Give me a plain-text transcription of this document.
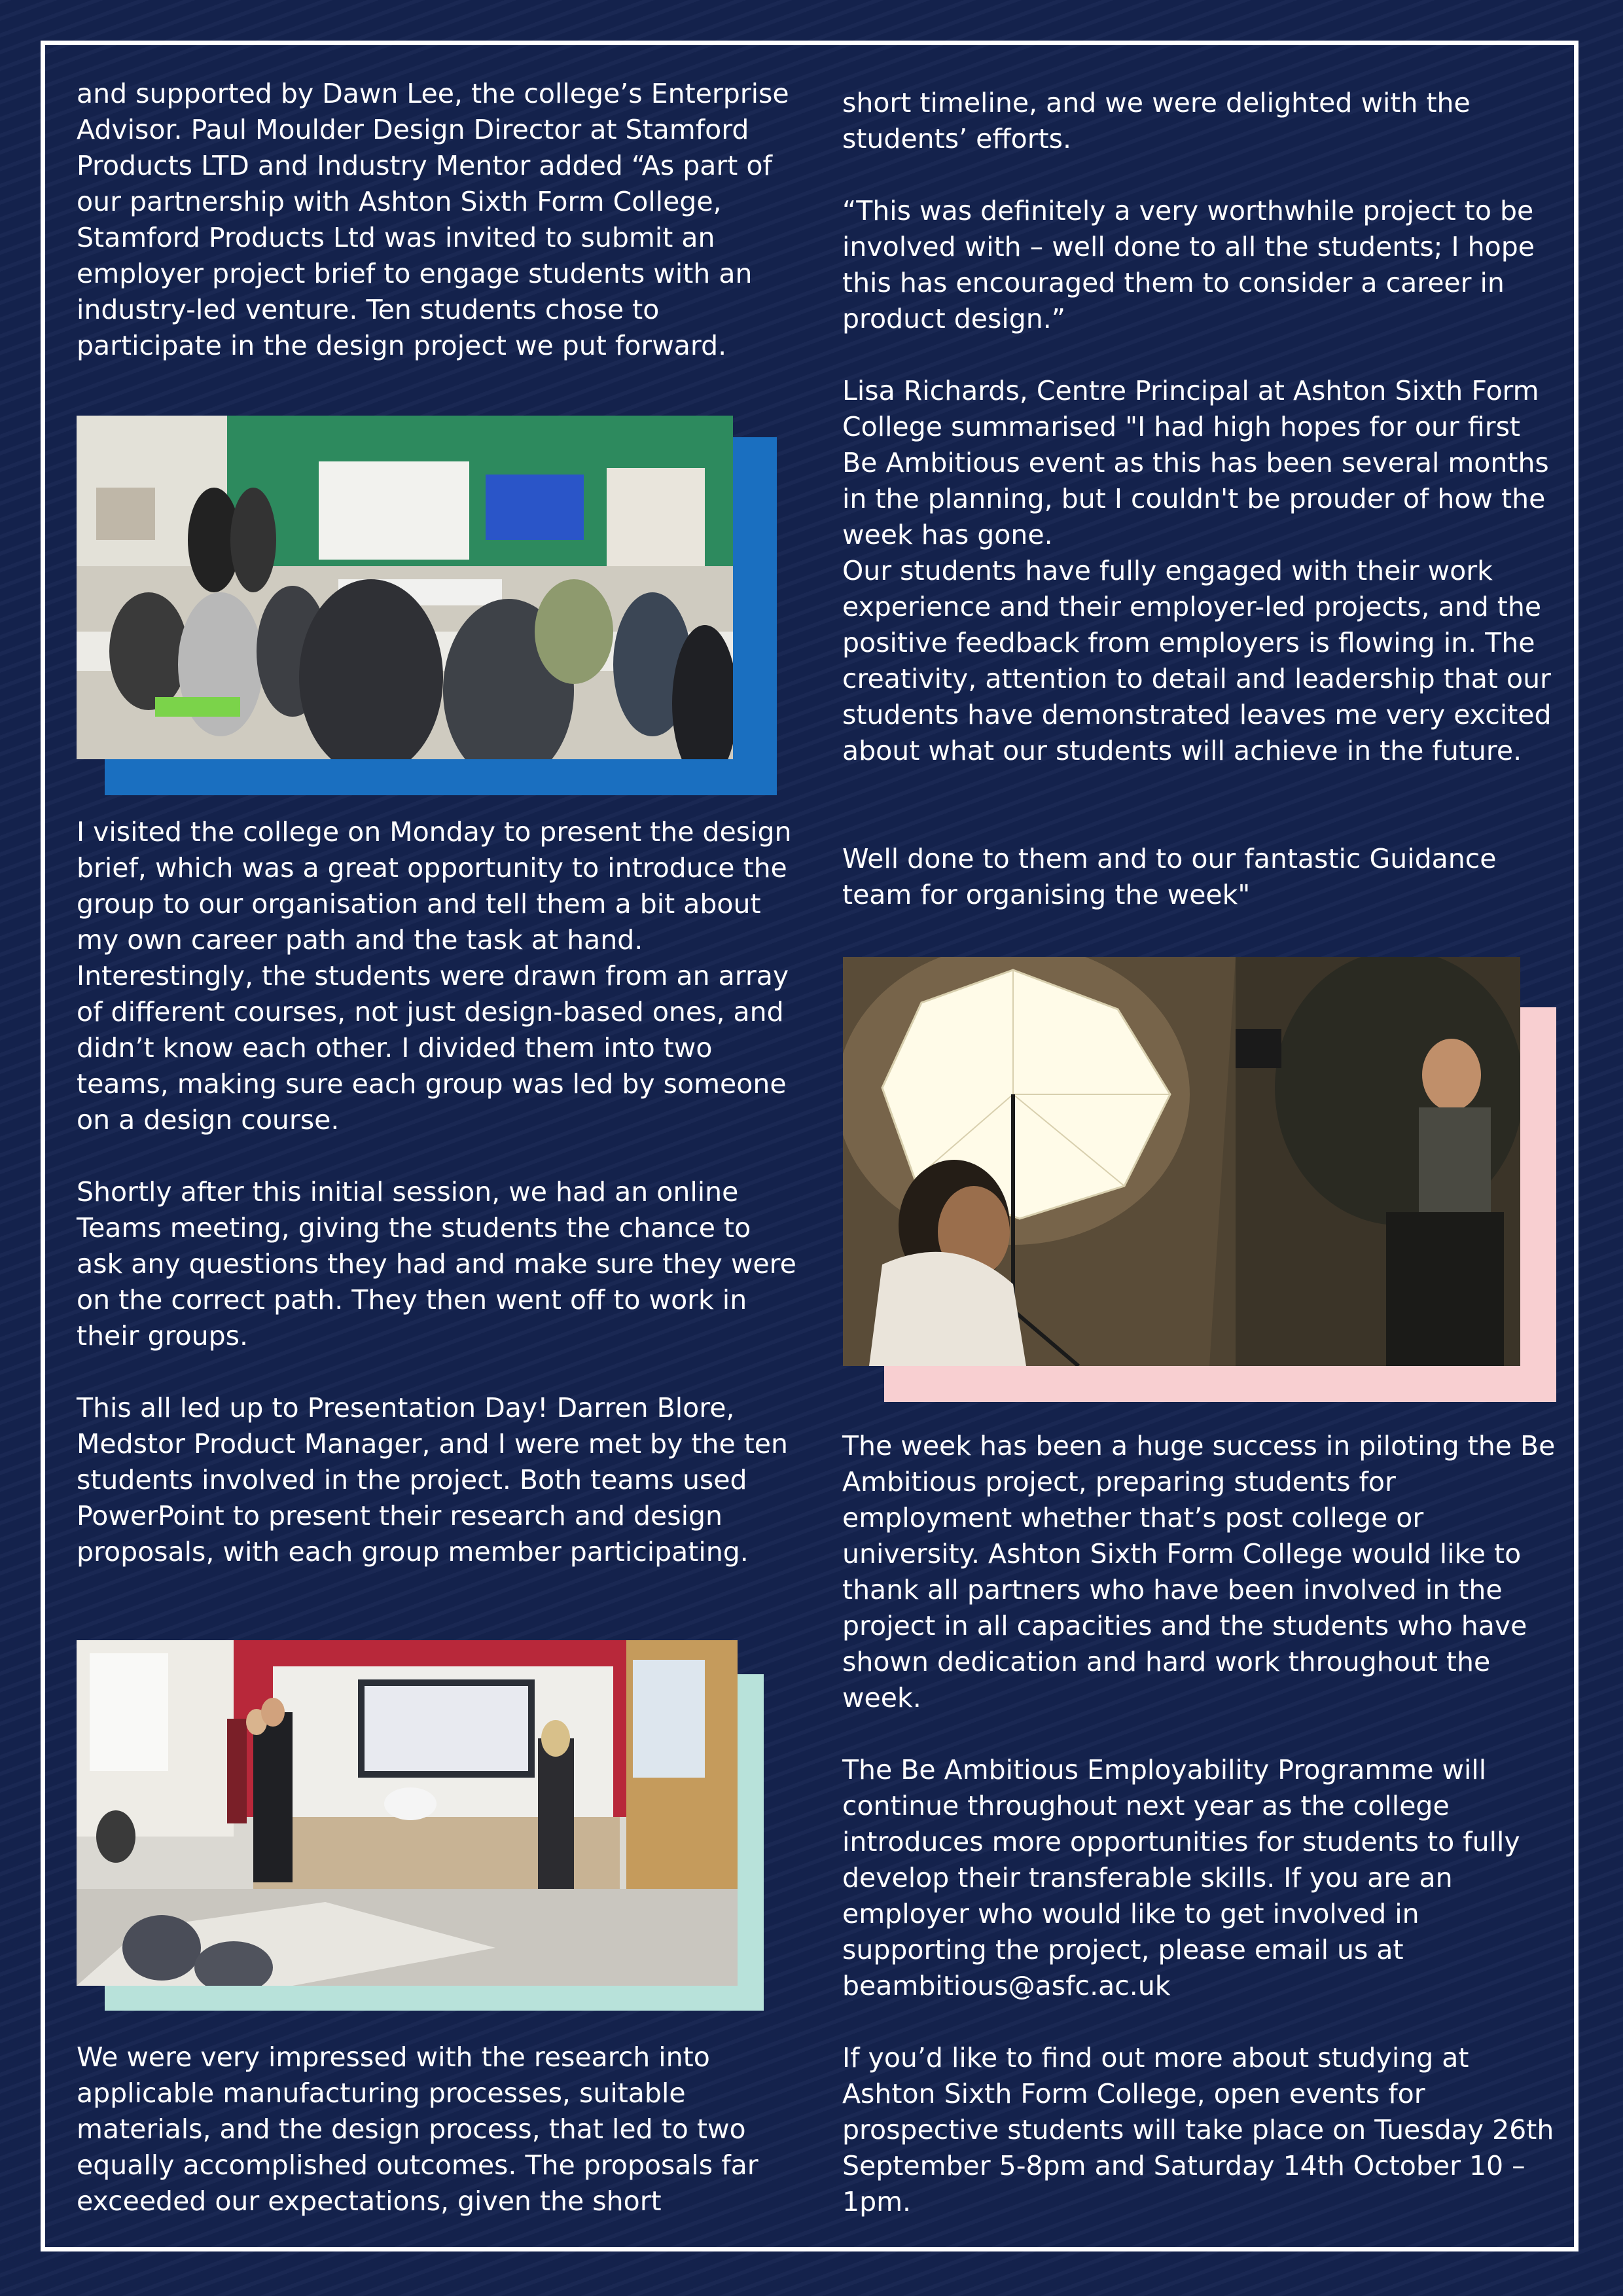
and supported by Dawn Lee, the college’s Enterprise Advisor. Paul Moulder Design Director at Stamford Products LTD and Industry Mentor added “As part of our partnership with Ashton Sixth Form College, Stamford Products Ltd was invited to submit an employer project brief to engage students with an industry-led venture. Ten students chose to participate in the design project we put forward.

I visited the college on Monday to present the design brief, which was a great opportunity to introduce the group to our organisation and tell them a bit about my own career path and the task at hand. Interestingly, the students were drawn from an array of different courses, not just design-based ones, and didn’t know each other. I divided them into two teams, making sure each group was led by someone on a design course.

Shortly after this initial session, we had an online Teams meeting, giving the students the chance to ask any questions they had and make sure they were on the correct path. They then went off to work in their groups.

This all led up to Presentation Day! Darren Blore, Medstor Product Manager, and I were met by the ten students involved in the project. Both teams used PowerPoint to present their research and design proposals, with each group member participating.

We were very impressed with the research into applicable manufacturing processes, suitable materials, and the design process, that led to two equally accomplished outcomes. The proposals far exceeded our expectations, given the short

short timeline, and we were delighted with the students’ efforts.

“This was definitely a very worthwhile project to be involved with – well done to all the students; I hope this has encouraged them to consider a career in product design.”

Lisa Richards, Centre Principal at Ashton Sixth Form College summarised "I had high hopes for our first Be Ambitious event as this has been several months in the planning, but I couldn't be prouder of how the week has gone.

Our students have fully engaged with their work experience and their employer-led projects, and the positive feedback from employers is flowing in. The creativity, attention to detail and leadership that our students have demonstrated leaves me very excited about what our students will achieve in the future.

Well done to them and to our fantastic Guidance team for organising the week"

The week has been a huge success in piloting the Be Ambitious project, preparing students for employment whether that’s post college or university. Ashton Sixth Form College would like to thank all partners who have been involved in the project in all capacities and the students who have shown dedication and hard work throughout the week.

The Be Ambitious Employability Programme will continue throughout next year as the college introduces more opportunities for students to fully develop their transferable skills. If you are an employer who would like to get involved in supporting the project, please email us at beambitious@asfc.ac.uk

If you’d like to find out more about studying at Ashton Sixth Form College, open events for prospective students will take place on Tuesday 26th September 5-8pm and Saturday 14th October 10 – 1pm.
